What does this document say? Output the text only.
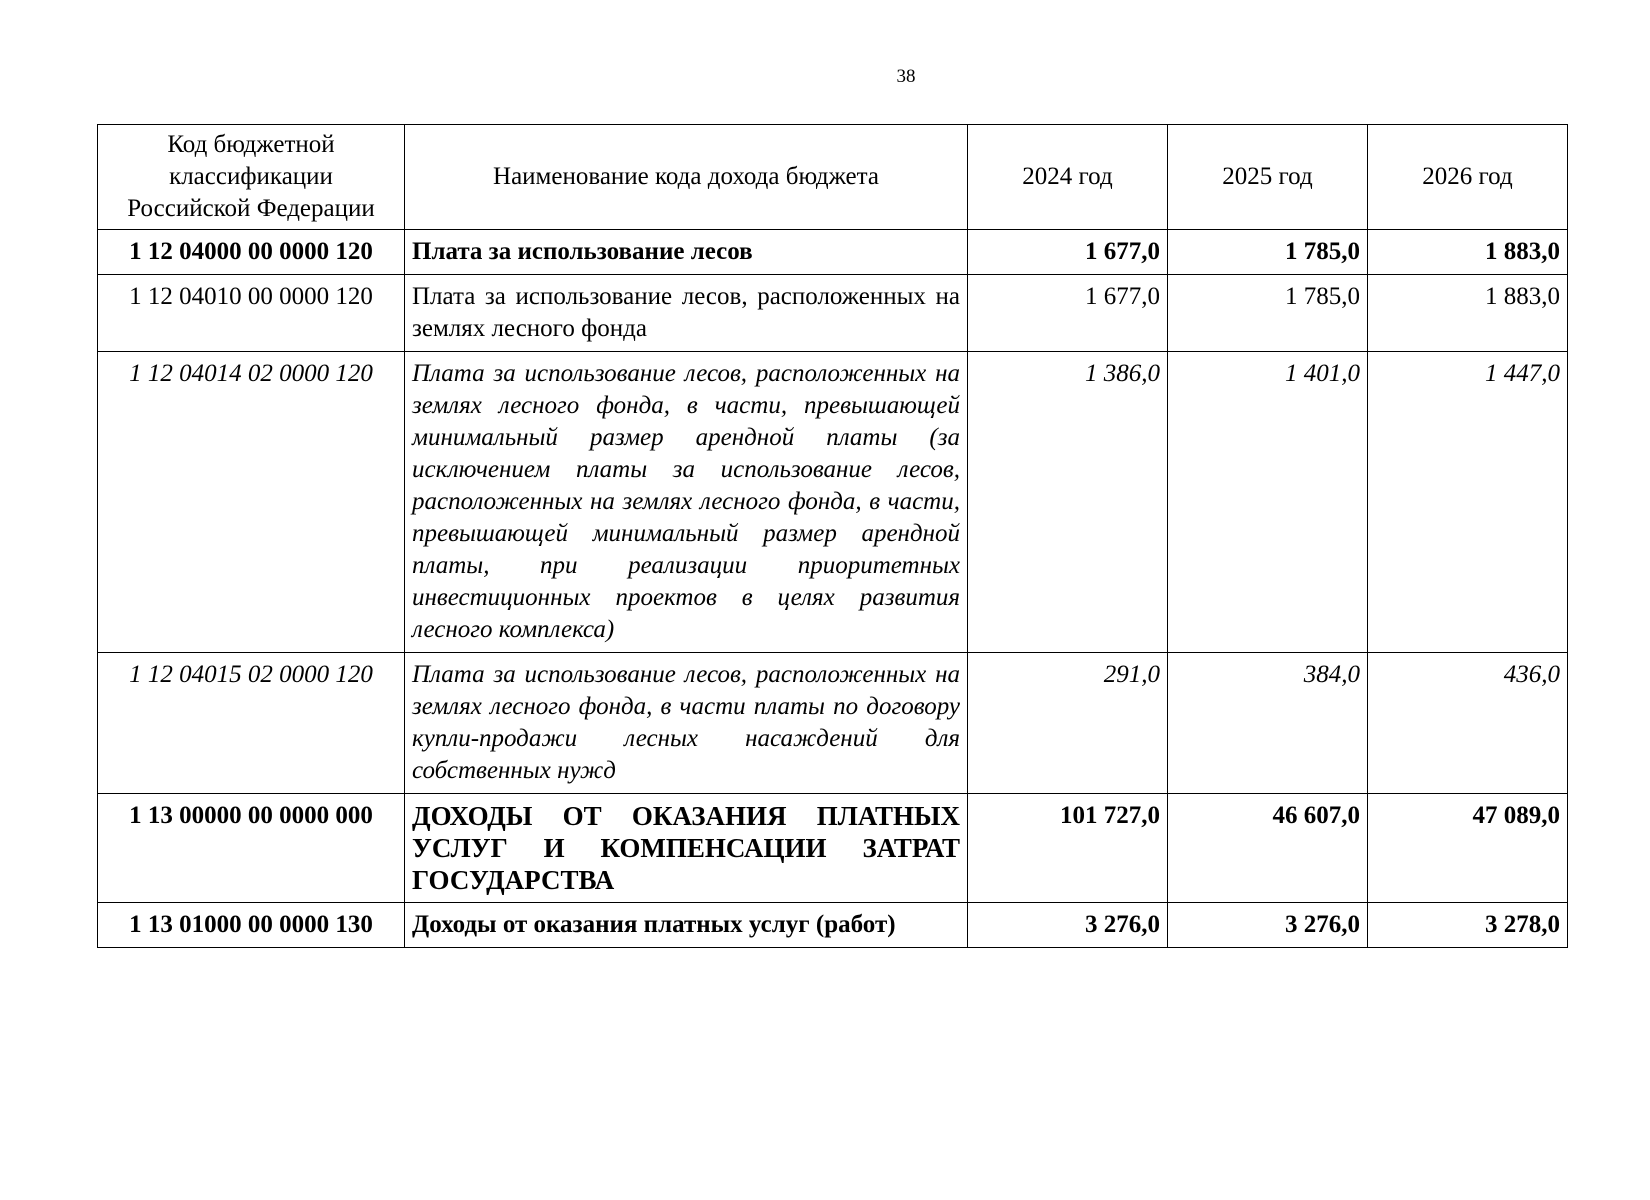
38
Код бюджетной
классификации
Российской Федерации	Наименование кода дохода бюджета	2024 год	2025 год	2026 год
1 12 04000 00 0000 120	Плата за использование лесов	1 677,0	1 785,0	1 883,0
1 12 04010 00 0000 120	Плата за использование лесов, расположенных на землях лесного фонда	1 677,0	1 785,0	1 883,0
1 12 04014 02 0000 120	Плата за использование лесов, расположенных на землях лесного фонда, в части, превышающей минимальный размер арендной платы (за исключением платы за использование лесов, расположенных на землях лесного фонда, в части, превышающей минимальный размер арендной платы, при реализации приоритетных инвестиционных проектов в целях развития лесного комплекса)	1 386,0	1 401,0	1 447,0
1 12 04015 02 0000 120	Плата за использование лесов, расположенных на землях лесного фонда, в части платы по договору купли-продажи лесных насаждений для собственных нужд	291,0	384,0	436,0
1 13 00000 00 0000 000	ДОХОДЫ ОТ ОКАЗАНИЯ ПЛАТНЫХ УСЛУГ И КОМПЕНСАЦИИ ЗАТРАТ ГОСУДАРСТВА	101 727,0	46 607,0	47 089,0
1 13 01000 00 0000 130	Доходы от оказания платных услуг (работ)	3 276,0	3 276,0	3 278,0
